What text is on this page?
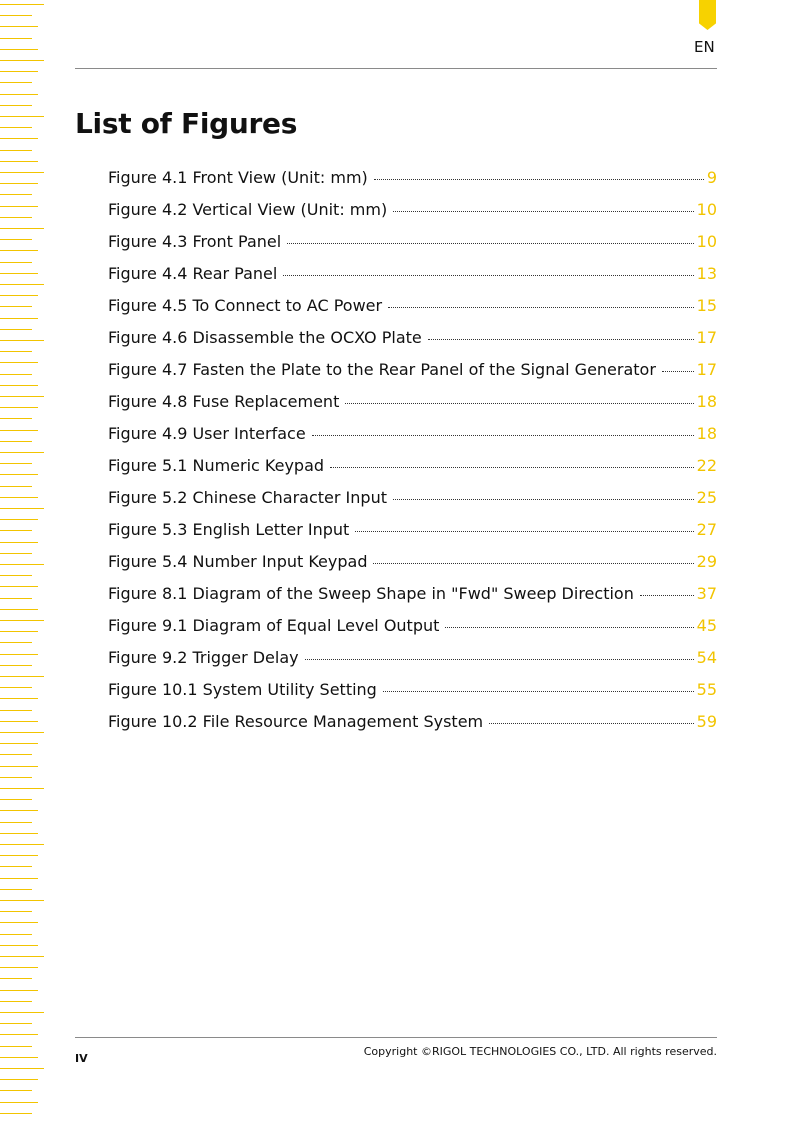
EN
List of Figures
Figure 4.1 Front View (Unit: mm)	9
Figure 4.2 Vertical View (Unit: mm)	10
Figure 4.3 Front Panel	10
Figure 4.4 Rear Panel	13
Figure 4.5 To Connect to AC Power	15
Figure 4.6 Disassemble the OCXO Plate	17
Figure 4.7 Fasten the Plate to the Rear Panel of the Signal Generator	17
Figure 4.8 Fuse Replacement	18
Figure 4.9 User Interface	18
Figure 5.1 Numeric Keypad	22
Figure 5.2 Chinese Character Input	25
Figure 5.3 English Letter Input	27
Figure 5.4 Number Input Keypad	29
Figure 8.1 Diagram of the Sweep Shape in "Fwd" Sweep Direction	37
Figure 9.1 Diagram of Equal Level Output	45
Figure 9.2 Trigger Delay	54
Figure 10.1 System Utility Setting	55
Figure 10.2 File Resource Management System	59
IV
Copyright ©RIGOL TECHNOLOGIES CO., LTD. All rights reserved.
